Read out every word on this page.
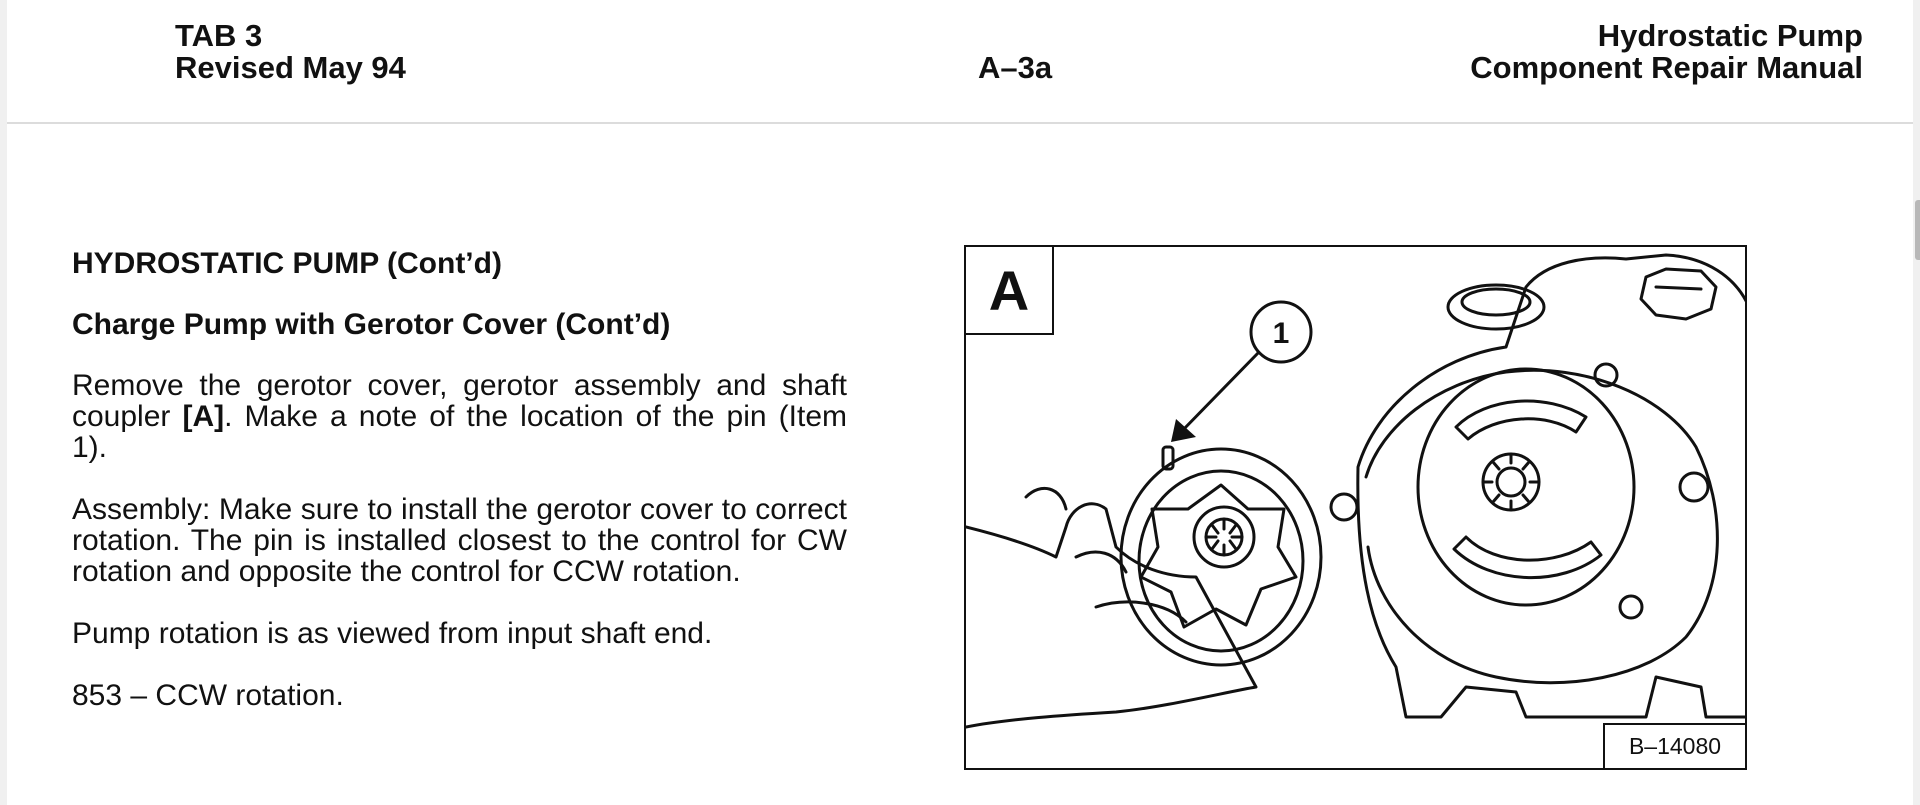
TAB 3
Revised May 94	A–3a
Hydrostatic Pump
Component Repair Manual
HYDROSTATIC PUMP (Cont’d)
Charge Pump with Gerotor Cover (Cont’d)
Remove the gerotor cover, gerotor assembly and shaft coupler [A]. Make a note of the location of the pin (Item 1).
Assembly: Make sure to install the gerotor cover to correct rotation. The pin is installed closest to the control for CW rotation and opposite the control for CCW rotation.
Pump rotation is as viewed from input shaft end.
853 – CCW rotation.
1
A
B–14080
